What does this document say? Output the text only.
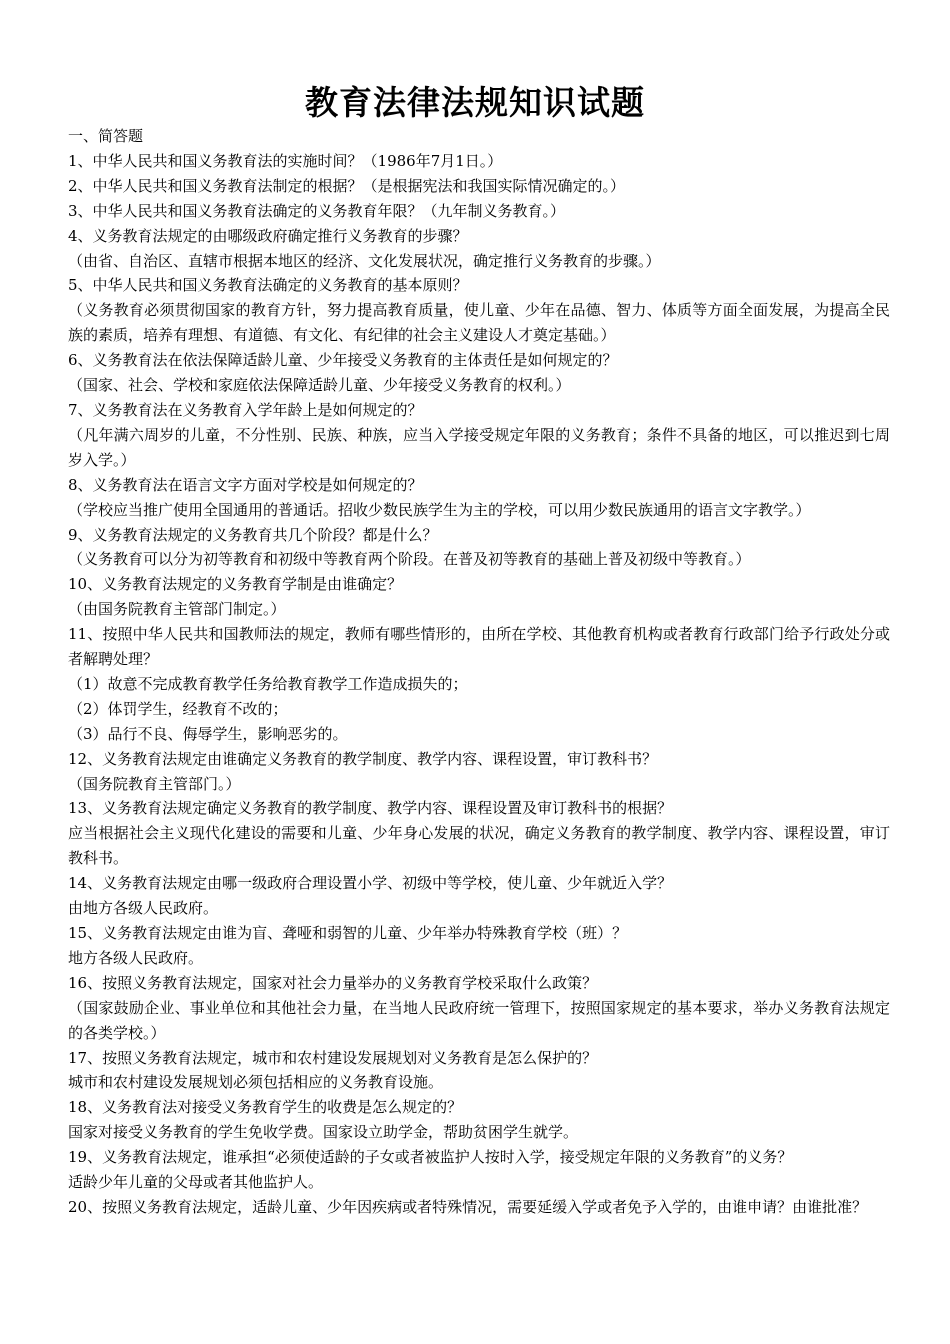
教育法律法规知识试题

一、简答题

1、中华人民共和国义务教育法的实施时间？（1986年7月1日。）

2、中华人民共和国义务教育法制定的根据？（是根据宪法和我国实际情况确定的。）

3、中华人民共和国义务教育法确定的义务教育年限？（九年制义务教育。）

4、义务教育法规定的由哪级政府确定推行义务教育的步骤？

（由省、自治区、直辖市根据本地区的经济、文化发展状况，确定推行义务教育的步骤。）

5、中华人民共和国义务教育法确定的义务教育的基本原则？

（义务教育必须贯彻国家的教育方针，努力提高教育质量，使儿童、少年在品德、智力、体质等方面全面发展，为提高全民族的素质，培养有理想、有道德、有文化、有纪律的社会主义建设人才奠定基础。）

6、义务教育法在依法保障适龄儿童、少年接受义务教育的主体责任是如何规定的？

（国家、社会、学校和家庭依法保障适龄儿童、少年接受义务教育的权利。）

7、义务教育法在义务教育入学年龄上是如何规定的？

（凡年满六周岁的儿童，不分性别、民族、种族，应当入学接受规定年限的义务教育；条件不具备的地区，可以推迟到七周岁入学。）

8、义务教育法在语言文字方面对学校是如何规定的？

（学校应当推广使用全国通用的普通话。招收少数民族学生为主的学校，可以用少数民族通用的语言文字教学。）

9、义务教育法规定的义务教育共几个阶段？都是什么？

（义务教育可以分为初等教育和初级中等教育两个阶段。在普及初等教育的基础上普及初级中等教育。）

10、义务教育法规定的义务教育学制是由谁确定？

（由国务院教育主管部门制定。）

11、按照中华人民共和国教师法的规定，教师有哪些情形的，由所在学校、其他教育机构或者教育行政部门给予行政处分或者解聘处理？

（1）故意不完成教育教学任务给教育教学工作造成损失的；

（2）体罚学生，经教育不改的；

（3）品行不良、侮辱学生，影响恶劣的。

12、义务教育法规定由谁确定义务教育的教学制度、教学内容、课程设置，审订教科书？

（国务院教育主管部门。）

13、义务教育法规定确定义务教育的教学制度、教学内容、课程设置及审订教科书的根据？

应当根据社会主义现代化建设的需要和儿童、少年身心发展的状况，确定义务教育的教学制度、教学内容、课程设置，审订教科书。

14、义务教育法规定由哪一级政府合理设置小学、初级中等学校，使儿童、少年就近入学？

由地方各级人民政府。

15、义务教育法规定由谁为盲、聋哑和弱智的儿童、少年举办特殊教育学校（班）？

地方各级人民政府。

16、按照义务教育法规定，国家对社会力量举办的义务教育学校采取什么政策？

（国家鼓励企业、事业单位和其他社会力量，在当地人民政府统一管理下，按照国家规定的基本要求，举办义务教育法规定的各类学校。）

17、按照义务教育法规定，城市和农村建设发展规划对义务教育是怎么保护的？

城市和农村建设发展规划必须包括相应的义务教育设施。

18、义务教育法对接受义务教育学生的收费是怎么规定的？

国家对接受义务教育的学生免收学费。国家设立助学金，帮助贫困学生就学。

19、义务教育法规定，谁承担“必须使适龄的子女或者被监护人按时入学，接受规定年限的义务教育”的义务？

适龄少年儿童的父母或者其他监护人。

20、按照义务教育法规定，适龄儿童、少年因疾病或者特殊情况，需要延缓入学或者免予入学的，由谁申请？由谁批准？
